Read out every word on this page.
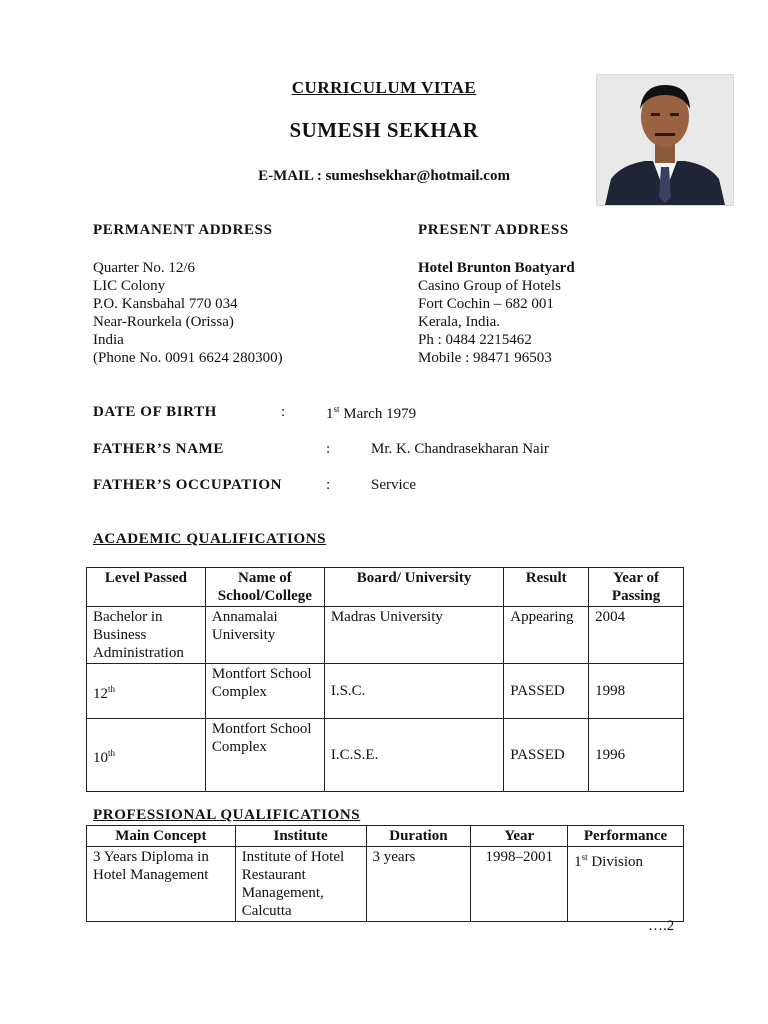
CURRICULUM VITAE
SUMESH SEKHAR
E-MAIL : sumeshsekhar@hotmail.com
PERMANENT ADDRESS	PRESENT ADDRESS
Quarter No. 12/6
LIC Colony
P.O. Kansbahal 770 034
Near-Rourkela (Orissa)
India
(Phone No. 0091 6624 280300)
Hotel Brunton Boatyard
Casino Group of Hotels
Fort Cochin – 682 001
Kerala, India.
Ph : 0484 2215462
Mobile : 98471 96503
DATE OF BIRTH	:	1st March 1979
FATHER’S NAME	:	Mr. K. Chandrasekharan Nair
FATHER’S OCCUPATION	:	Service
ACADEMIC QUALIFICATIONS
Level Passed	Name of School/College	Board/ University	Result	Year of Passing
Bachelor in Business Administration	Annamalai University	Madras University	Appearing	2004
12th	Montfort School Complex	I.S.C.	PASSED	1998
10th	Montfort School Complex	I.C.S.E.	PASSED	1996
PROFESSIONAL QUALIFICATIONS
Main Concept	Institute	Duration	Year	Performance
3 Years Diploma in Hotel Management	Institute of Hotel Restaurant Management, Calcutta	3 years	1998–2001	1st Division
….2
